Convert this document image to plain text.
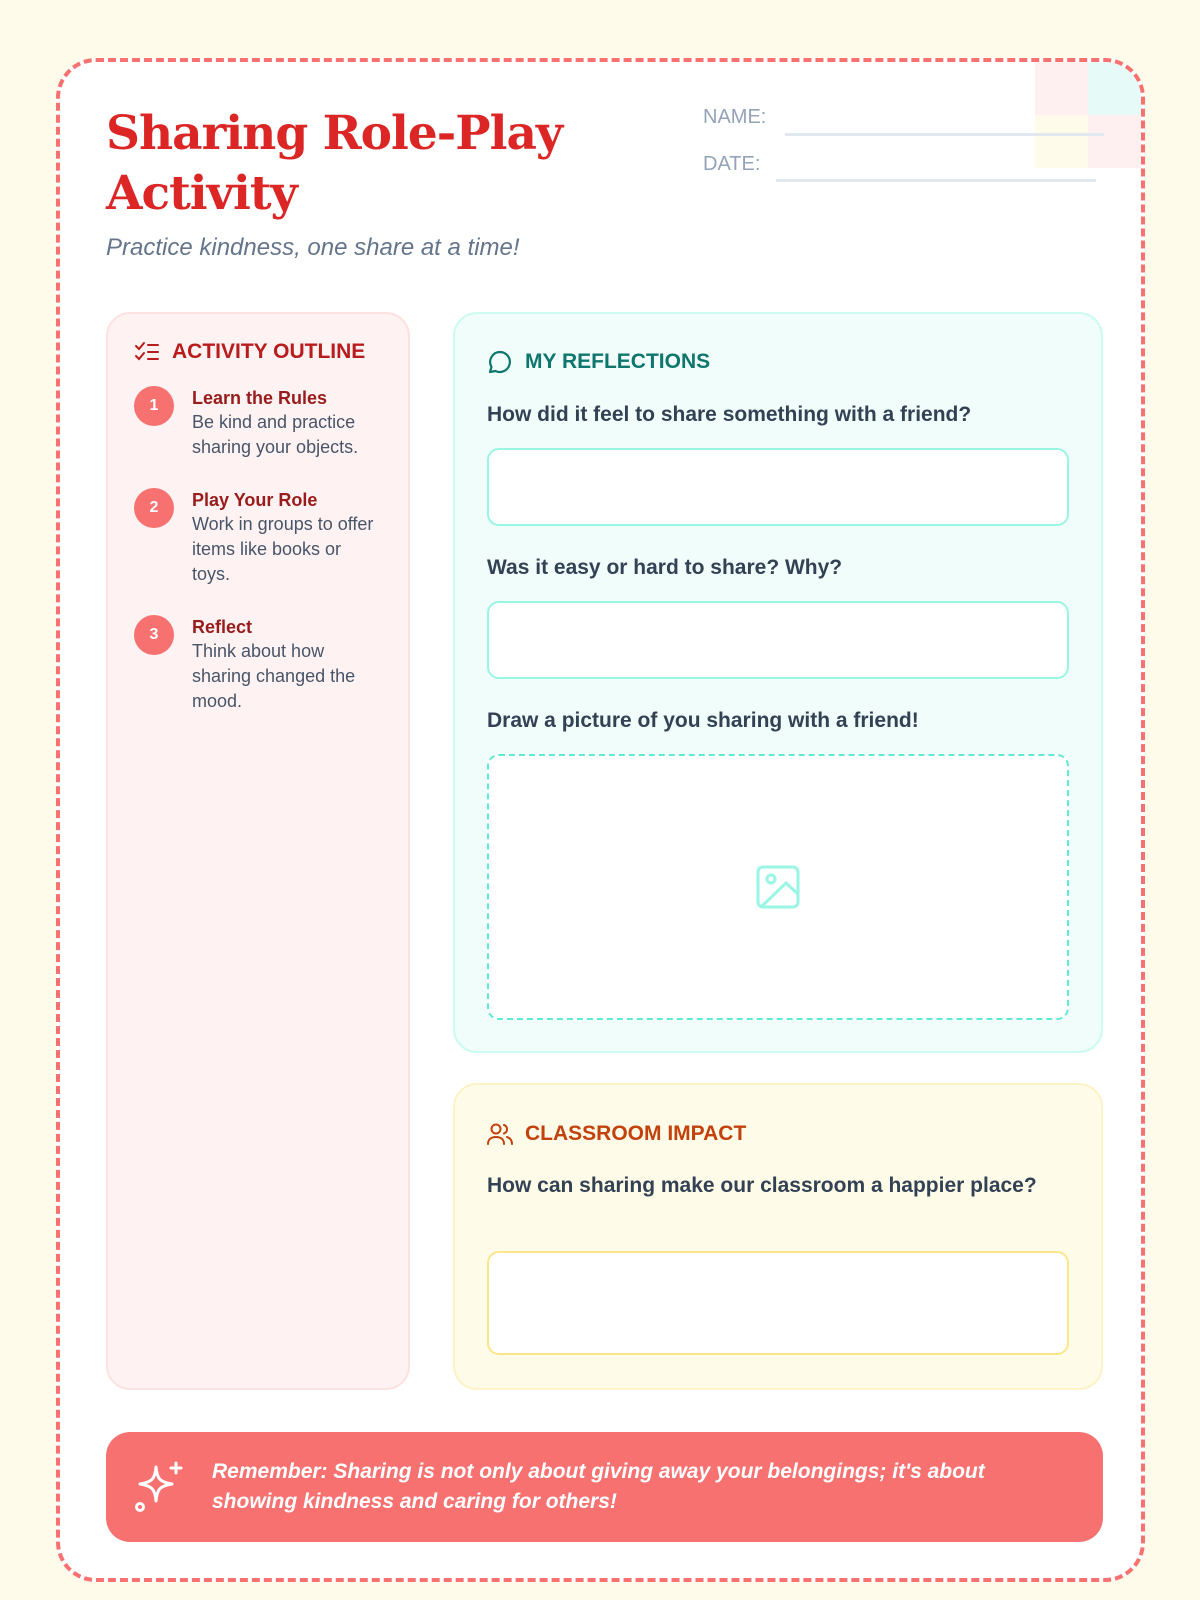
Sharing Role-Play Activity
Practice kindness, one share at a time!
NAME:
DATE:
ACTIVITY OUTLINE
1	Learn the Rules
Be kind and practice sharing your objects.
2	Play Your Role
Work in groups to offer items like books or toys.
3	Reflect
Think about how sharing changed the mood.
MY REFLECTIONS
How did it feel to share something with a friend?
Was it easy or hard to share? Why?
Draw a picture of you sharing with a friend!
CLASSROOM IMPACT
How can sharing make our classroom a happier place?
Remember: Sharing is not only about giving away your belongings; it's about showing kindness and caring for others!
